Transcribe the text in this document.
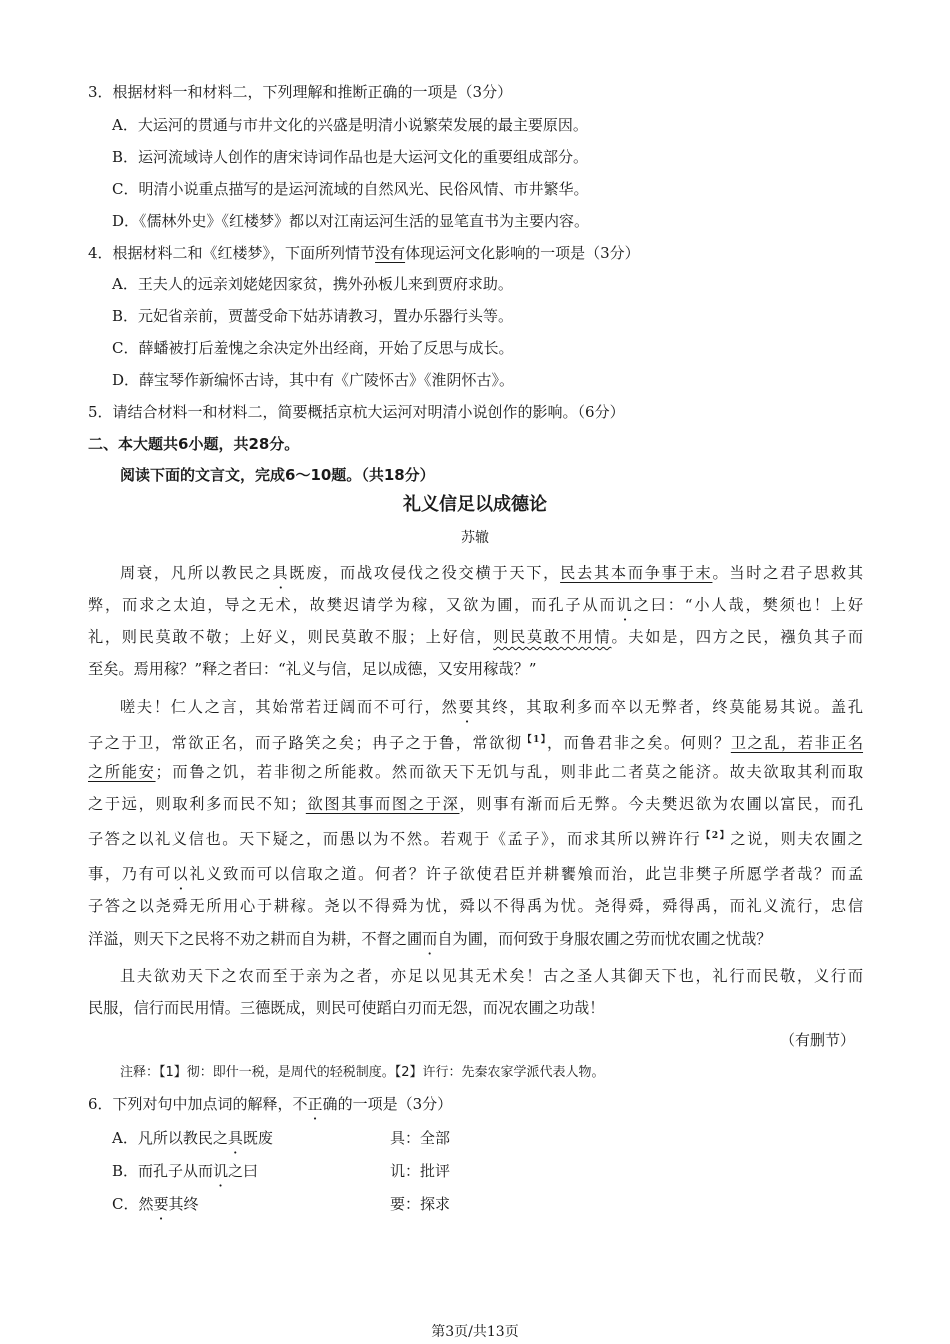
3．根据材料一和材料二，下列理解和推断正确的一项是（3分）
A．大运河的贯通与市井文化的兴盛是明清小说繁荣发展的最主要原因。
B．运河流域诗人创作的唐宋诗词作品也是大运河文化的重要组成部分。
C．明清小说重点描写的是运河流域的自然风光、民俗风情、市井繁华。
D．《儒林外史》《红楼梦》都以对江南运河生活的显笔直书为主要内容。
4．根据材料二和《红楼梦》，下面所列情节没有体现运河文化影响的一项是（3分）
A．王夫人的远亲刘姥姥因家贫，携外孙板儿来到贾府求助。
B．元妃省亲前，贾蔷受命下姑苏请教习，置办乐器行头等。
C．薛蟠被打后羞愧之余决定外出经商，开始了反思与成长。
D．薛宝琴作新编怀古诗，其中有《广陵怀古》《淮阴怀古》。
5．请结合材料一和材料二，简要概括京杭大运河对明清小说创作的影响。（6分）
二、本大题共6小题，共28分。
阅读下面的文言文，完成6～10题。（共18分）
礼义信足以成德论
苏辙
周衰，凡所以教民之具既废，而战攻侵伐之役交横于天下，民去其本而争事于末。当时之君子思救其
弊，而求之太迫，导之无术，故樊迟请学为稼，又欲为圃，而孔子从而讥之曰：“小人哉，樊须也！上好
礼，则民莫敢不敬；上好义，则民莫敢不服；上好信，则民莫敢不用情。夫如是，四方之民，襁负其子而
至矣。焉用稼？”释之者曰：“礼义与信，足以成德，又安用稼哉？”
嗟夫！仁人之言，其始常若迂阔而不可行，然要其终，其取利多而卒以无弊者，终莫能易其说。盖孔
子之于卫，常欲正名，而子路笑之矣；冉子之于鲁，常欲彻$^{【1】}$，而鲁君非之矣。何则？卫之乱，若非正名
之所能安；而鲁之饥，若非彻之所能救。然而欲天下无饥与乱，则非此二者莫之能济。故夫欲取其利而取
之于远，则取利多而民不知；欲图其事而图之于深，则事有渐而后无弊。今夫樊迟欲为农圃以富民，而孔
子答之以礼义信也。天下疑之，而愚以为不然。若观于《孟子》，而求其所以辨许行$^{【2】}$之说，则夫农圃之
事，乃有可以礼义致而可以信取之道。何者？许子欲使君臣并耕饔飧而治，此岂非樊子所愿学者哉？而孟
子答之以尧舜无所用心于耕稼。尧以不得舜为忧，舜以不得禹为忧。尧得舜，舜得禹，而礼义流行，忠信
洋溢，则天下之民将不劝之耕而自为耕，不督之圃而自为圃，而何致于身服农圃之劳而忧农圃之忧哉？
且夫欲劝天下之农而至于亲为之者，亦足以见其无术矣！古之圣人其御天下也，礼行而民敬，义行而
民服，信行而民用情。三德既成，则民可使蹈白刃而无怨，而况农圃之功哉！
（有删节）
注释：【1】彻：即什一税，是周代的轻税制度。【2】许行：先秦农家学派代表人物。
6．下列对句中加点词的解释，不正确的一项是（3分）
A．凡所以教民之具既废	具：全部
B．而孔子从而讥之曰	讥：批评
C．然要其终	要：探求
第3页/共13页
